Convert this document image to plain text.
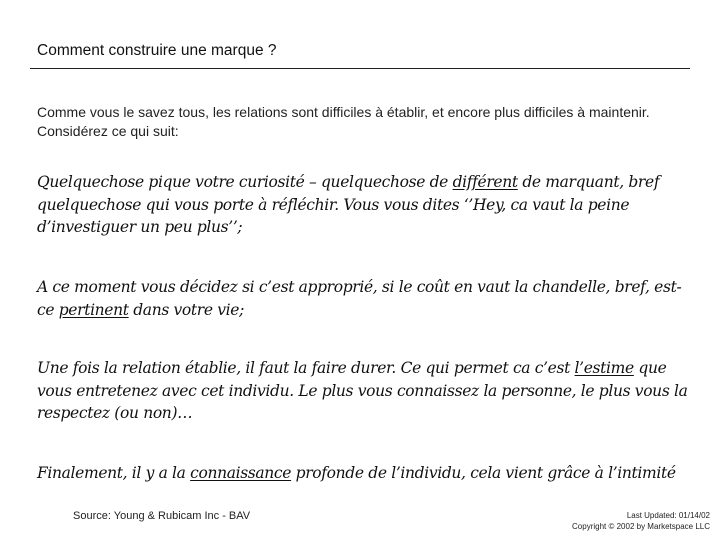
Comment construire une marque ?
Comme vous le savez tous, les relations sont difficiles à établir, et encore plus difficiles à maintenir. Considérez ce qui suit:
Quelquechose pique votre curiosité – quelquechose de différent de marquant, bref quelquechose qui vous porte à réfléchir. Vous vous dites ‘’Hey, ca vaut la peine d’investiguer un peu plus’’;
A ce moment vous décidez si c’est approprié, si le coût en vaut la chandelle, bref, est-ce pertinent dans votre vie;
Une fois la relation établie, il faut la faire durer. Ce qui permet ca c’est l’estime que vous entretenez avec cet individu. Le plus vous connaissez la personne, le plus vous la respectez (ou non)…
Finalement, il y a la connaissance profonde de l’individu, cela vient grâce à l’intimité
Source: Young & Rubicam Inc - BAV	Last Updated: 01/14/02
Copyright © 2002 by Marketspace LLC
